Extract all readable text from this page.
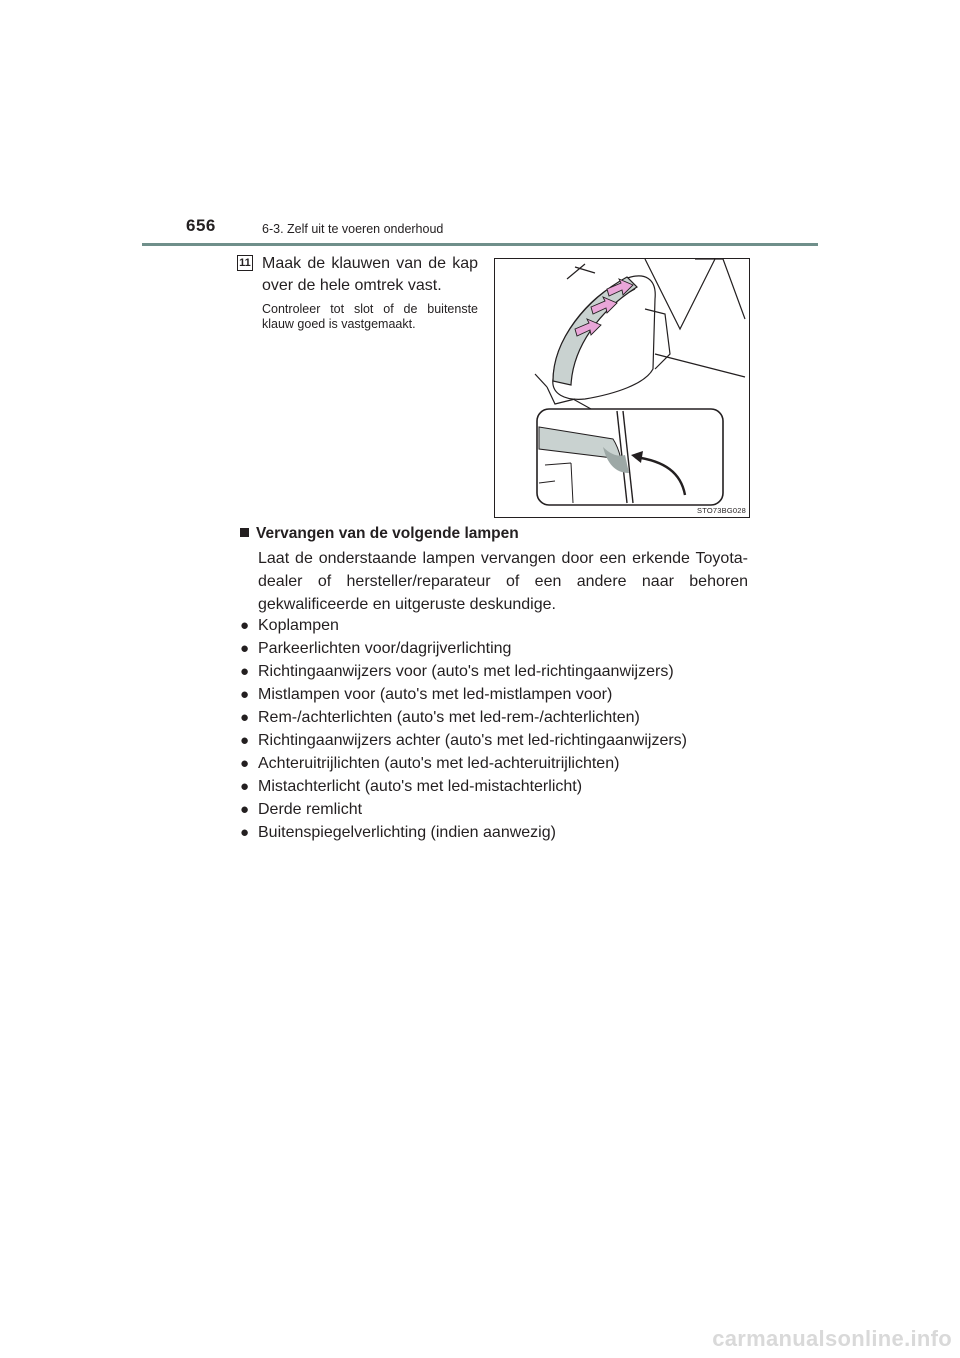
656	6-3. Zelf uit te voeren onderhoud
11 Maak de klauwen van de kap over de hele omtrek vast.
Controleer tot slot of de buitenste klauw goed is vastgemaakt.
STO73BG028
Vervangen van de volgende lampen
Laat de onderstaande lampen vervangen door een erkende Toyota-dealer of hersteller/reparateur of een andere naar behoren gekwalificeerde en uitgeruste deskundige.
● Koplampen
● Parkeerlichten voor/dagrijverlichting
● Richtingaanwijzers voor (auto's met led-richtingaanwijzers)
● Mistlampen voor (auto's met led-mistlampen voor)
● Rem-/achterlichten (auto's met led-rem-/achterlichten)
● Richtingaanwijzers achter (auto's met led-richtingaanwijzers)
● Achteruitrijlichten (auto's met led-achteruitrijlichten)
● Mistachterlicht (auto's met led-mistachterlicht)
● Derde remlicht
● Buitenspiegelverlichting (indien aanwezig)
carmanualsonline.info
